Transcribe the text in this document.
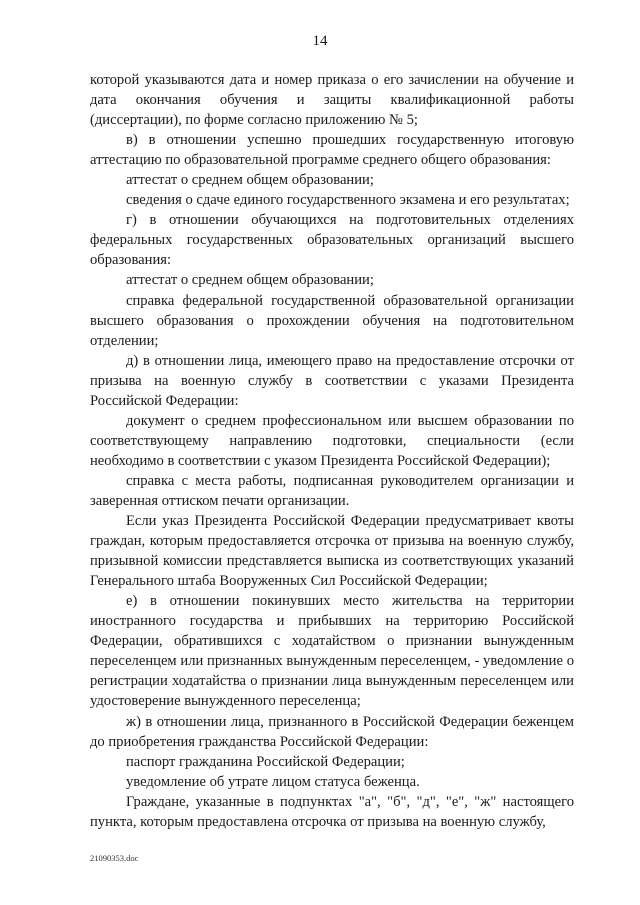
14

которой указываются дата и номер приказа о его зачислении на обучение и дата окончания обучения и защиты квалификационной работы (диссертации), по форме согласно приложению № 5;

в) в отношении успешно прошедших государственную итоговую аттестацию по образовательной программе среднего общего образования:

аттестат о среднем общем образовании;

сведения о сдаче единого государственного экзамена и его результатах;

г) в отношении обучающихся на подготовительных отделениях федеральных государственных образовательных организаций высшего образования:

аттестат о среднем общем образовании;

справка федеральной государственной образовательной организации высшего образования о прохождении обучения на подготовительном отделении;

д) в отношении лица, имеющего право на предоставление отсрочки от призыва на военную службу в соответствии с указами Президента Российской Федерации:

документ о среднем профессиональном или высшем образовании по соответствующему направлению подготовки, специальности (если необходимо в соответствии с указом Президента Российской Федерации);

справка с места работы, подписанная руководителем организации и заверенная оттиском печати организации.

Если указ Президента Российской Федерации предусматривает квоты граждан, которым предоставляется отсрочка от призыва на военную службу, призывной комиссии представляется выписка из соответствующих указаний Генерального штаба Вооруженных Сил Российской Федерации;

е) в отношении покинувших место жительства на территории иностранного государства и прибывших на территорию Российской Федерации, обратившихся с ходатайством о признании вынужденным переселенцем или признанных вынужденным переселенцем, - уведомление о регистрации ходатайства о признании лица вынужденным переселенцем или удостоверение вынужденного переселенца;

ж) в отношении лица, признанного в Российской Федерации беженцем до приобретения гражданства Российской Федерации:

паспорт гражданина Российской Федерации;

уведомление об утрате лицом статуса беженца.

Граждане, указанные в подпунктах "а", "б", "д", "е", "ж" настоящего пункта, которым предоставлена отсрочка от призыва на военную службу,

21090353.doc
